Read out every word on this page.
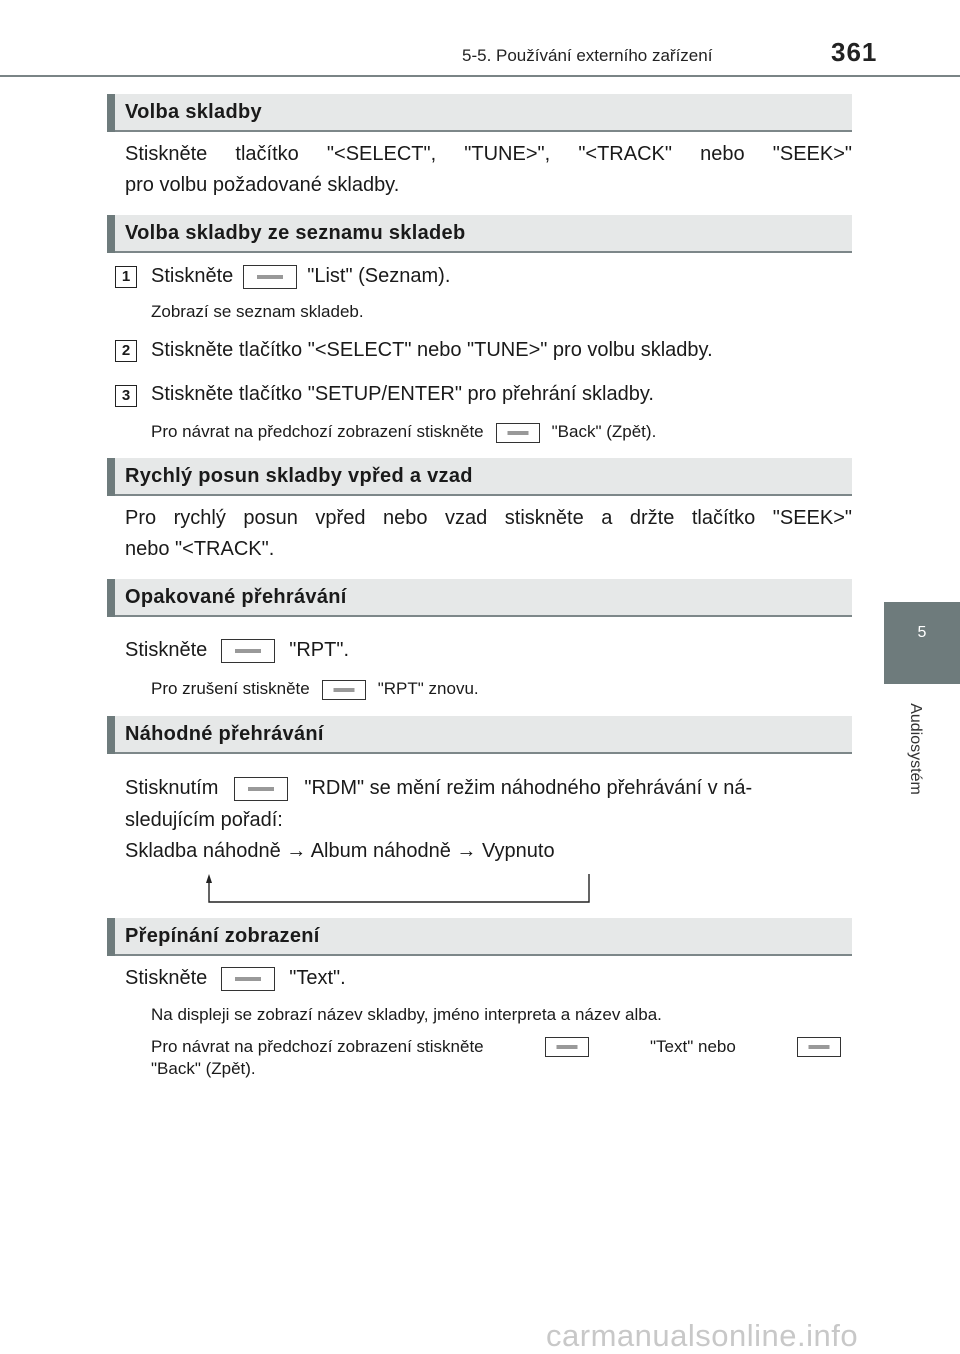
5-5. Používání externího zařízení	361
5
Audiosystém
Volba skladby
Stiskněte tlačítko "<SELECT", "TUNE>", "<TRACK" nebo "SEEK>"
pro volbu požadované skladby.
Volba skladby ze seznamu skladeb
1	Stiskněte	"List" (Seznam).
Zobrazí se seznam skladeb.
2	Stiskněte tlačítko "<SELECT" nebo "TUNE>" pro volbu skladby.
3	Stiskněte tlačítko "SETUP/ENTER" pro přehrání skladby.
Pro návrat na předchozí zobrazení stiskněte	"Back" (Zpět).
Rychlý posun skladby vpřed a vzad
Pro rychlý posun vpřed nebo vzad stiskněte a držte tlačítko "SEEK>"
nebo "<TRACK".
Opakované přehrávání
Stiskněte	"RPT".
Pro zrušení stiskněte	"RPT" znovu.
Náhodné přehrávání
Stisknutím	"RDM" se mění režim náhodného přehrávání v ná-
sledujícím pořadí:
Skladba náhodně → Album náhodně → Vypnuto
Přepínání zobrazení
Stiskněte	"Text".
Na displeji se zobrazí název skladby, jméno interpreta a název alba.
Pro návrat na předchozí zobrazení stiskněte	"Text" nebo
"Back" (Zpět).
carmanualsonline.info
